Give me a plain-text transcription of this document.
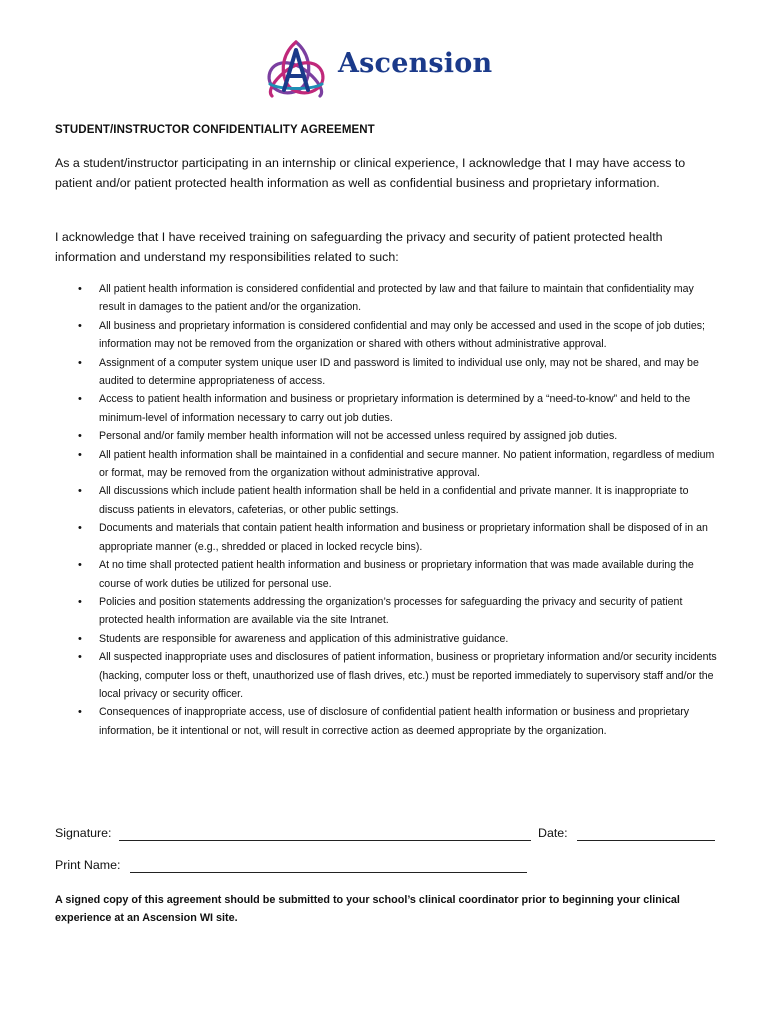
Ascension
STUDENT/INSTRUCTOR CONFIDENTIALITY AGREEMENT

As a student/instructor participating in an internship or clinical experience, I acknowledge that I may have access to patient and/or patient protected health information as well as confidential business and proprietary information.

I acknowledge that I have received training on safeguarding the privacy and security of patient protected health information and understand my responsibilities related to such:

• All patient health information is considered confidential and protected by law and that failure to maintain that confidentiality may result in damages to the patient and/or the organization.
• All business and proprietary information is considered confidential and may only be accessed and used in the scope of job duties; information may not be removed from the organization or shared with others without administrative approval.
• Assignment of a computer system unique user ID and password is limited to individual use only, may not be shared, and may be audited to determine appropriateness of access.
• Access to patient health information and business or proprietary information is determined by a “need-to-know” and held to the minimum-level of information necessary to carry out job duties.
• Personal and/or family member health information will not be accessed unless required by assigned job duties.
• All patient health information shall be maintained in a confidential and secure manner. No patient information, regardless of medium or format, may be removed from the organization without administrative approval.
• All discussions which include patient health information shall be held in a confidential and private manner. It is inappropriate to discuss patients in elevators, cafeterias, or other public settings.
• Documents and materials that contain patient health information and business or proprietary information shall be disposed of in an appropriate manner (e.g., shredded or placed in locked recycle bins).
• At no time shall protected patient health information and business or proprietary information that was made available during the course of work duties be utilized for personal use.
• Policies and position statements addressing the organization’s processes for safeguarding the privacy and security of patient protected health information are available via the site Intranet.
• Students are responsible for awareness and application of this administrative guidance.
• All suspected inappropriate uses and disclosures of patient information, business or proprietary information and/or security incidents (hacking, computer loss or theft, unauthorized use of flash drives, etc.) must be reported immediately to supervisory staff and/or the local privacy or security officer.
• Consequences of inappropriate access, use of disclosure of confidential patient health information or business and proprietary information, be it intentional or not, will result in corrective action as deemed appropriate by the organization.
Signature:	Date:
Print Name:

A signed copy of this agreement should be submitted to your school’s clinical coordinator prior to beginning your clinical experience at an Ascension WI site.
